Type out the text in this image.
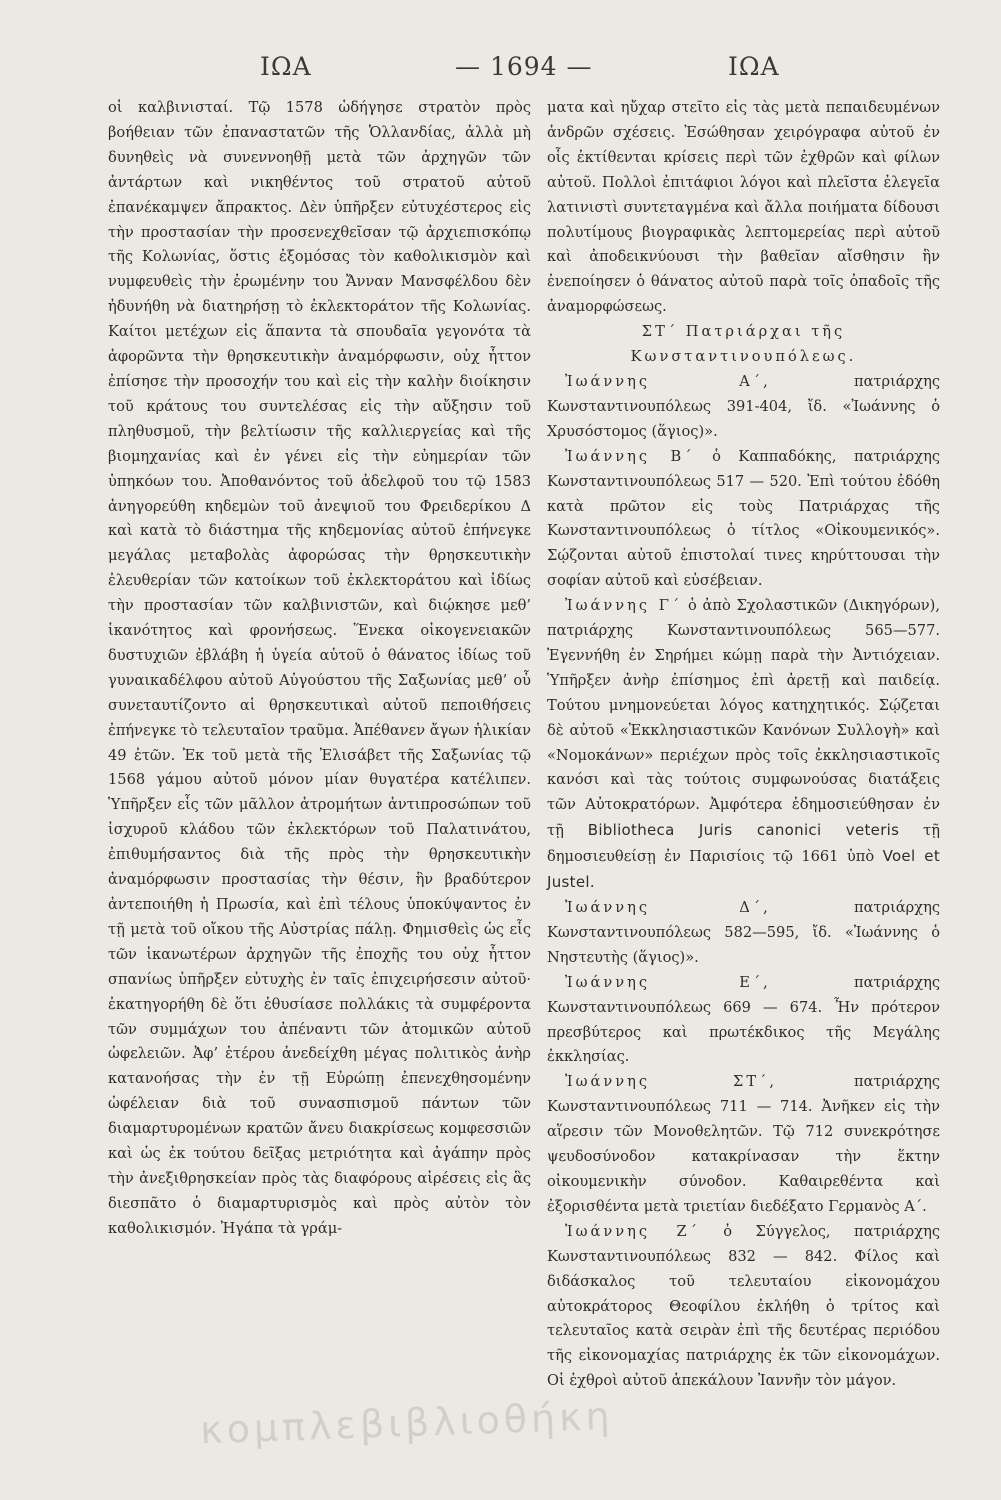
ΙΩΑ	— 1694 —	ΙΩΑ

οἱ καλβινισταί. Τῷ 1578 ὡδήγησε στρατὸν πρὸς βοήθειαν τῶν ἐπαναστατῶν τῆς Ὁλλανδίας, ἀλλὰ μὴ δυνηθεὶς νὰ συνεννοηθῇ μετὰ τῶν ἀρχηγῶν τῶν ἀντάρτων καὶ νικηθέντος τοῦ στρατοῦ αὐτοῦ ἐπανέκαμψεν ἄπρακτος. Δὲν ὑπῆρξεν εὐτυχέστερος εἰς τὴν προστασίαν τὴν προσενεχθεῖσαν τῷ ἀρχιεπισκόπῳ τῆς Κολωνίας, ὅστις ἐξομόσας τὸν καθολικισμὸν καὶ νυμφευθεὶς τὴν ἐρωμένην του Ἄνναν Μανσφέλδου δὲν ἠδυνήθη νὰ διατηρήσῃ τὸ ἐκλεκτοράτον τῆς Κολωνίας. Καίτοι μετέχων εἰς ἅπαντα τὰ σπουδαῖα γεγονότα τὰ ἀφορῶντα τὴν θρησκευτικὴν ἀναμόρφωσιν, οὐχ ἧττον ἐπίσησε τὴν προσοχήν του καὶ εἰς τὴν καλὴν διοίκησιν τοῦ κράτους του συντελέσας εἰς τὴν αὔξησιν τοῦ πληθυσμοῦ, τὴν βελτίωσιν τῆς καλλιεργείας καὶ τῆς βιομηχανίας καὶ ἐν γένει εἰς τὴν εὐημερίαν τῶν ὑπηκόων του. Ἀποθανόντος τοῦ ἀδελφοῦ του τῷ 1583 ἀνηγορεύθη κηδεμὼν τοῦ ἀνεψιοῦ του Φρειδερίκου Δ καὶ κατὰ τὸ διάστημα τῆς κηδεμονίας αὐτοῦ ἐπήνεγκε μεγάλας μεταβολὰς ἀφορώσας τὴν θρησκευτικὴν ἐλευθερίαν τῶν κατοίκων τοῦ ἐκλεκτοράτου καὶ ἰδίως τὴν προστασίαν τῶν καλβινιστῶν, καὶ διῴκησε μεθ’ ἱκανότητος καὶ φρονήσεως. Ἕνεκα οἰκογενειακῶν δυστυχιῶν ἐβλάβη ἡ ὑγεία αὐτοῦ ὁ θάνατος ἰδίως τοῦ γυναικαδέλφου αὐτοῦ Αὐγούστου τῆς Σαξωνίας μεθ’ οὗ συνεταυτίζοντο αἱ θρησκευτικαὶ αὐτοῦ πεποιθήσεις ἐπήνεγκε τὸ τελευταῖον τραῦμα. Ἀπέθανεν ἄγων ἡλικίαν 49 ἐτῶν. Ἐκ τοῦ μετὰ τῆς Ἐλισάβετ τῆς Σαξωνίας τῷ 1568 γάμου αὐτοῦ μόνον μίαν θυγατέρα κατέλιπεν. Ὑπῆρξεν εἷς τῶν μᾶλλον ἀτρομήτων ἀντιπροσώπων τοῦ ἰσχυροῦ κλάδου τῶν ἐκλεκτόρων τοῦ Παλατινάτου, ἐπιθυμήσαντος διὰ τῆς πρὸς τὴν θρησκευτικὴν ἀναμόρφωσιν προστασίας τὴν θέσιν, ἣν βραδύτερον ἀντεποιήθη ἡ Πρωσία, καὶ ἐπὶ τέλους ὑποκύψαντος ἐν τῇ μετὰ τοῦ οἴκου τῆς Αὐστρίας πάλῃ. Φημισθεὶς ὡς εἷς τῶν ἱκανωτέρων ἀρχηγῶν τῆς ἐποχῆς του οὐχ ἧττον σπανίως ὑπῆρξεν εὐτυχὴς ἐν ταῖς ἐπιχειρήσεσιν αὐτοῦ· ἐκατηγορήθη δὲ ὅτι ἐθυσίασε πολλάκις τὰ συμφέροντα τῶν συμμάχων του ἀπέναντι τῶν ἀτομικῶν αὐτοῦ ὠφελειῶν. Ἀφ’ ἑτέρου ἀνεδείχθη μέγας πολιτικὸς ἀνὴρ κατανοήσας τὴν ἐν τῇ Εὐρώπῃ ἐπενεχθησομένην ὠφέλειαν διὰ τοῦ συνασπισμοῦ πάντων τῶν διαμαρτυρομένων κρατῶν ἄνευ διακρίσεως κομφεσσιῶν καὶ ὡς ἐκ τούτου δεῖξας μετριότητα καὶ ἀγάπην πρὸς τὴν ἀνεξιθρησκείαν πρὸς τὰς διαφόρους αἱρέσεις εἰς ἃς διεσπᾶτο ὁ διαμαρτυρισμὸς καὶ πρὸς αὐτὸν τὸν καθολικισμόν. Ἠγάπα τὰ γράμ-

ματα καὶ ηὔχαρ στεῖτο εἰς τὰς μετὰ πεπαιδευμένων ἀνδρῶν σχέσεις. Ἐσώθησαν χειρόγραφα αὐτοῦ ἐν οἷς ἐκτίθενται κρίσεις περὶ τῶν ἐχθρῶν καὶ φίλων αὐτοῦ. Πολλοὶ ἐπιτάφιοι λόγοι καὶ πλεῖστα ἐλεγεῖα λατινιστὶ συντεταγμένα καὶ ἄλλα ποιήματα δίδουσι πολυτίμους βιογραφικὰς λεπτομερείας περὶ αὐτοῦ καὶ ἀποδεικνύουσι τὴν βαθεῖαν αἴσθησιν ἣν ἐνεποίησεν ὁ θάνατος αὐτοῦ παρὰ τοῖς ὀπαδοῖς τῆς ἀναμορφώσεως.

ΣΤ΄ Πατριάρχαι τῆς Κωνσταντινουπόλεως.

Ἰωάννης Α΄, πατριάρχης Κωνσταντινουπόλεως 391-404, ἴδ. «Ἰωάννης ὁ Χρυσόστομος (ἅγιος)».

Ἰωάννης Β΄ ὁ Καππαδόκης, πατριάρχης Κωνσταντινουπόλεως 517 — 520. Ἐπὶ τούτου ἐδόθη κατὰ πρῶτον εἰς τοὺς Πατριάρχας τῆς Κωνσταντινουπόλεως ὁ τίτλος «Οἰκουμενικός». Σῴζονται αὐτοῦ ἐπιστολαί τινες κηρύττουσαι τὴν σοφίαν αὐτοῦ καὶ εὐσέβειαν.

Ἰωάννης Γ΄ ὁ ἀπὸ Σχολαστικῶν (Δικηγόρων), πατριάρχης Κωνσταντινουπόλεως 565—577. Ἐγεννήθη ἐν Σηρήμει κώμῃ παρὰ τὴν Ἀντιόχειαν. Ὑπῆρξεν ἀνὴρ ἐπίσημος ἐπὶ ἀρετῇ καὶ παιδείᾳ. Τούτου μνημονεύεται λόγος κατηχητικός. Σῴζεται δὲ αὐτοῦ «Ἐκκλησιαστικῶν Κανόνων Συλλογὴ» καὶ «Νομοκάνων» περιέχων πρὸς τοῖς ἐκκλησιαστικοῖς κανόσι καὶ τὰς τούτοις συμφωνούσας διατάξεις τῶν Αὐτοκρατόρων. Ἀμφότερα ἐδημοσιεύθησαν ἐν τῇ Bibliotheca Juris canonici veteris τῇ δημοσιευθείσῃ ἐν Παρισίοις τῷ 1661 ὑπὸ Voel et Justel.

Ἰωάννης Δ΄, πατριάρχης Κωνσταντινουπόλεως 582—595, ἴδ. «Ἰωάννης ὁ Νηστευτὴς (ἅγιος)».

Ἰωάννης Ε΄, πατριάρχης Κωνσταντινουπόλεως 669 — 674. Ἦν πρότερον πρεσβύτερος καὶ πρωτέκδικος τῆς Μεγάλης ἐκκλησίας.

Ἰωάννης ΣΤ΄, πατριάρχης Κωνσταντινουπόλεως 711 — 714. Ἀνῆκεν εἰς τὴν αἵρεσιν τῶν Μονοθελητῶν. Τῷ 712 συνεκρότησε ψευδοσύνοδον κατακρίνασαν τὴν ἕκτην οἰκουμενικὴν σύνοδον. Καθαιρεθέντα καὶ ἐξορισθέντα μετὰ τριετίαν διεδέξατο Γερμανὸς Α΄.

Ἰωάννης Ζ΄ ὁ Σύγγελος, πατριάρχης Κωνσταντινουπόλεως 832 — 842. Φίλος καὶ διδάσκαλος τοῦ τελευταίου εἰκονομάχου αὐτοκράτορος Θεοφίλου ἐκλήθη ὁ τρίτος καὶ τελευταῖος κατὰ σειρὰν ἐπὶ τῆς δευτέρας περιόδου τῆς εἰκονομαχίας πατριάρχης ἐκ τῶν εἰκονομάχων. Οἱ ἐχθροὶ αὐτοῦ ἀπεκάλουν Ἰαννῆν τὸν μάγον.

κομπλεβιβλιοθήκη
